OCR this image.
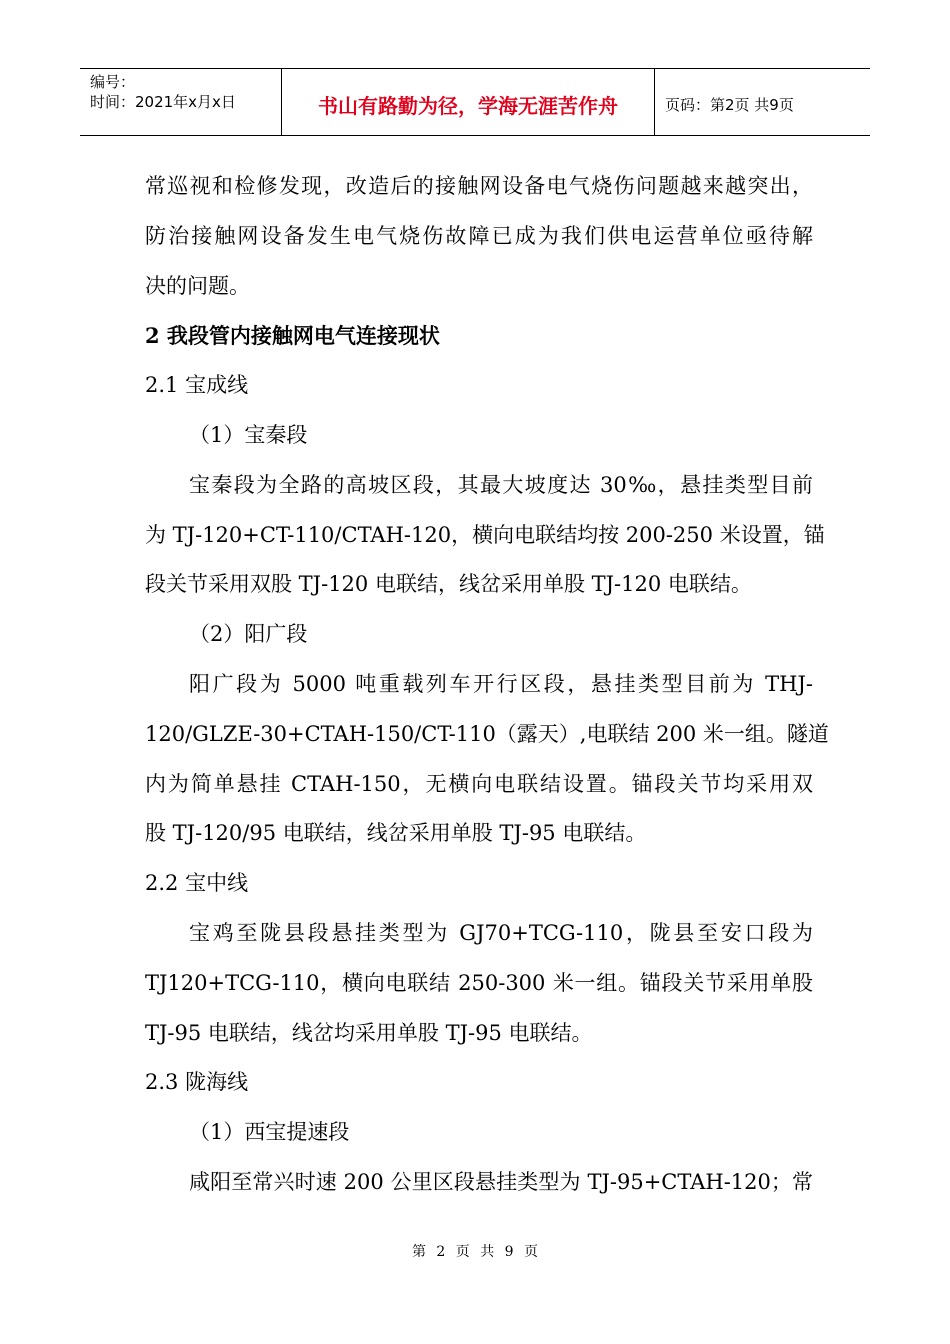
编号：
时间：2021年x月x日	书山有路勤为径，学海无涯苦作舟	页码：第2页 共9页
常巡视和检修发现，改造后的接触网设备电气烧伤问题越来越突出，
防治接触网设备发生电气烧伤故障已成为我们供电运营单位亟待解
决的问题。
2 我段管内接触网电气连接现状
2.1 宝成线
（1）宝秦段
宝秦段为全路的高坡区段，其最大坡度达 30‰，悬挂类型目前
为 TJ-120+CT-110/CTAH-120，横向电联结均按 200-250 米设置，锚
段关节采用双股 TJ-120 电联结，线岔采用单股 TJ-120 电联结。
（2）阳广段
阳广段为 5000 吨重载列车开行区段，悬挂类型目前为 THJ-
120/GLZE-30+CTAH-150/CT-110（露天）,电联结 200 米一组。隧道
内为简单悬挂 CTAH-150，无横向电联结设置。锚段关节均采用双
股 TJ-120/95 电联结，线岔采用单股 TJ-95 电联结。
2.2 宝中线
宝鸡至陇县段悬挂类型为 GJ70+TCG-110，陇县至安口段为
TJ120+TCG-110，横向电联结 250-300 米一组。锚段关节采用单股
TJ-95 电联结，线岔均采用单股 TJ-95 电联结。
2.3 陇海线
（1）西宝提速段
咸阳至常兴时速 200 公里区段悬挂类型为 TJ-95+CTAH-120；常
第 2 页 共 9 页
